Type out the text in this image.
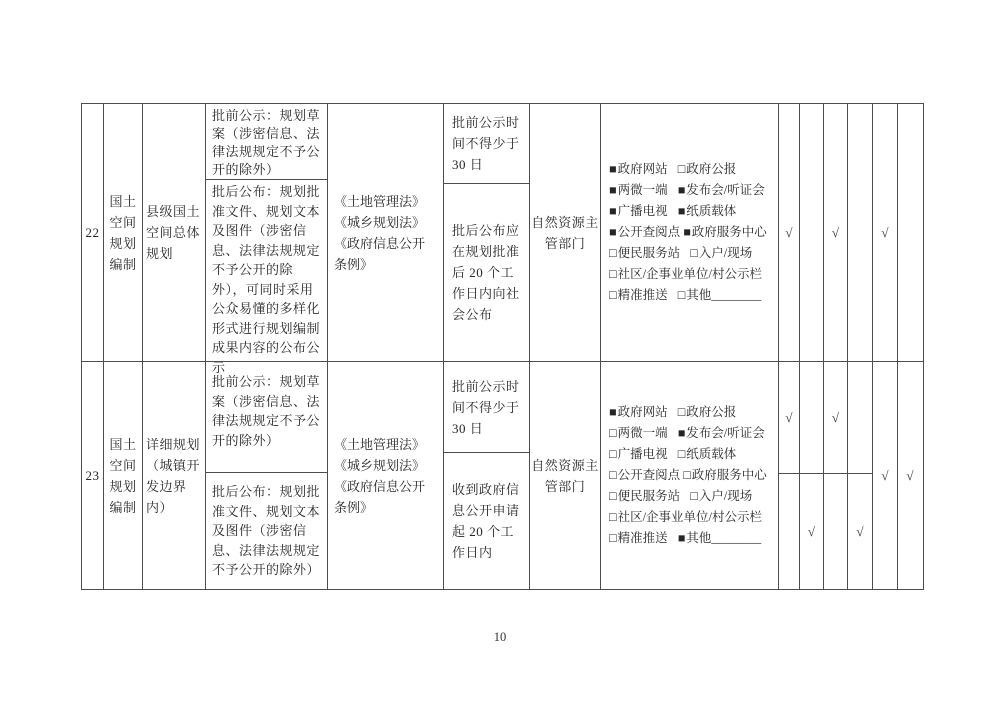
22
国土空间规划编制
县级国土空间总体规划
批前公示：规划草案（涉密信息、法律法规规定不予公开的除外）
批后公布：规划批准文件、规划文本及图件（涉密信息、法律法规规定不予公开的除外），可同时采用公众易懂的多样化形式进行规划编制成果内容的公布公示
《土地管理法》《城乡规划法》《政府信息公开条例》
批前公示时间不得少于 30 日
批后公布应在规划批准后 20 个工作日内向社会公布
自然资源主管部门
■政府网站 □政府公报
■两微一端 ■发布会/听证会
■广播电视 ■纸质载体
■公开查阅点 ■政府服务中心
□便民服务站 □入户/现场
□社区/企事业单位/村公示栏
□精准推送 □其他________
√	√	√
23
国土空间规划编制
详细规划（城镇开发边界内）
批前公示：规划草案（涉密信息、法律法规规定不予公开的除外）
批后公布：规划批准文件、规划文本及图件（涉密信息、法律法规规定不予公开的除外）
《土地管理法》《城乡规划法》《政府信息公开条例》
批前公示时间不得少于 30 日
收到政府信息公开申请起 20 个工作日内
自然资源主管部门
■政府网站 □政府公报
□两微一端 ■发布会/听证会
□广播电视 □纸质载体
□公开查阅点 □政府服务中心
□便民服务站 □入户/现场
□社区/企事业单位/村公示栏
□精准推送 ■其他________
√
√
√
√
√ √
10
